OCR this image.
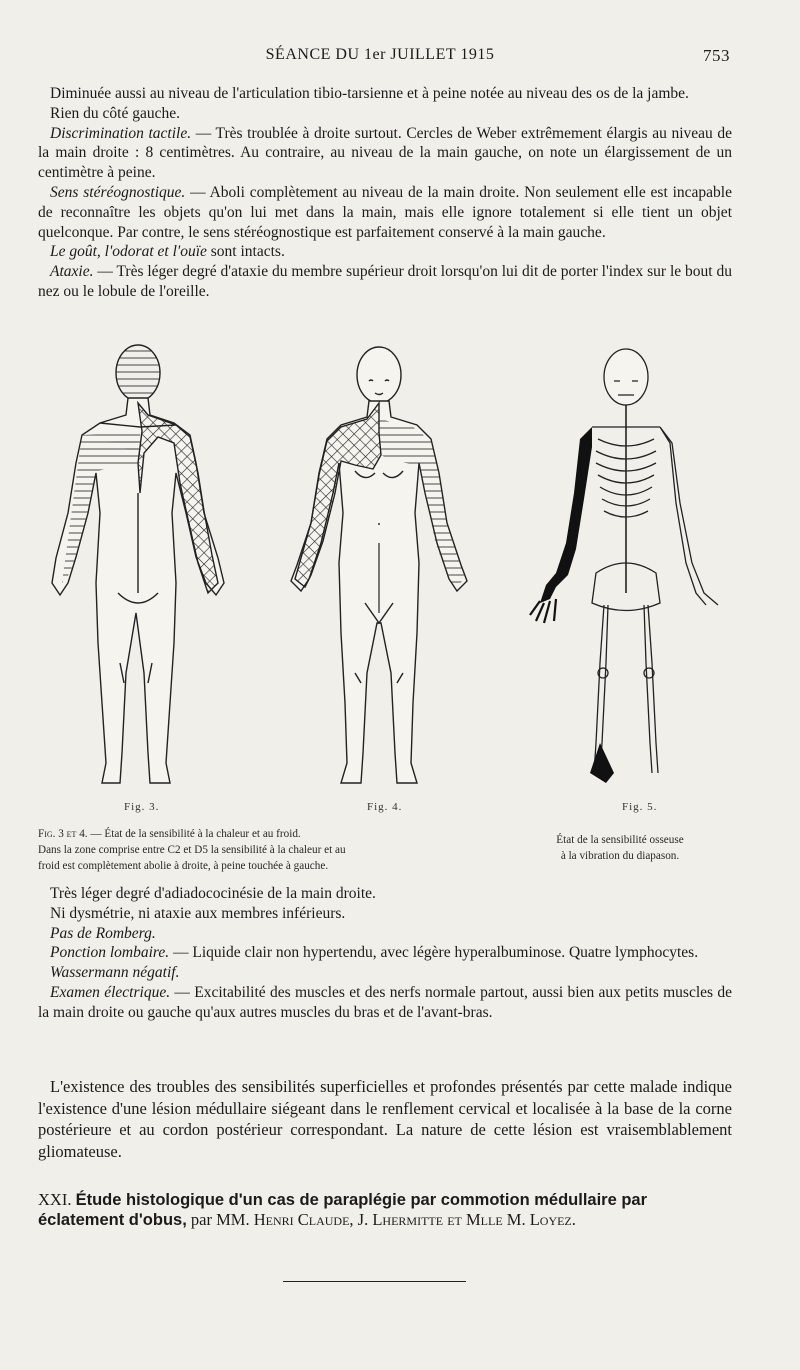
SÉANCE DU 1er JUILLET 1915	753

Diminuée aussi au niveau de l'articulation tibio-tarsienne et à peine notée au niveau des os de la jambe.

Rien du côté gauche.

Discrimination tactile. — Très troublée à droite surtout. Cercles de Weber extrêmement élargis au niveau de la main droite : 8 centimètres. Au contraire, au niveau de la main gauche, on note un élargissement de un centimètre à peine.

Sens stéréognostique. — Aboli complètement au niveau de la main droite. Non seulement elle est incapable de reconnaître les objets qu'on lui met dans la main, mais elle ignore totalement si elle tient un objet quelconque. Par contre, le sens stéréognostique est parfaitement conservé à la main gauche.

Le goût, l'odorat et l'ouïe sont intacts.

Ataxie. — Très léger degré d'ataxie du membre supérieur droit lorsqu'on lui dit de porter l'index sur le bout du nez ou le lobule de l'oreille.

Fig. 3.	Fig. 4.	Fig. 5.

Fig. 3 et 4. — État de la sensibilité à la chaleur et au froid.

Dans la zone comprise entre C2 et D5 la sensibilité à la chaleur et au

froid est complètement abolie à droite, à peine touchée à gauche.

État de la sensibilité osseuse

à la vibration du diapason.

Très léger degré d'adiadococinésie de la main droite.

Ni dysmétrie, ni ataxie aux membres inférieurs.

Pas de Romberg.

Ponction lombaire. — Liquide clair non hypertendu, avec légère hyperalbuminose. Quatre lymphocytes.

Wassermann négatif.

Examen électrique. — Excitabilité des muscles et des nerfs normale partout, aussi bien aux petits muscles de la main droite ou gauche qu'aux autres muscles du bras et de l'avant-bras.

L'existence des troubles des sensibilités superficielles et profondes présentés par cette malade indique l'existence d'une lésion médullaire siégeant dans le renflement cervical et localisée à la base de la corne postérieure et au cordon postérieur correspondant. La nature de cette lésion est vraisemblablement gliomateuse.

XXI. Étude histologique d'un cas de paraplégie par commotion médullaire par éclatement d'obus, par MM. Henri Claude, J. Lhermitte et Mlle M. Loyez.
